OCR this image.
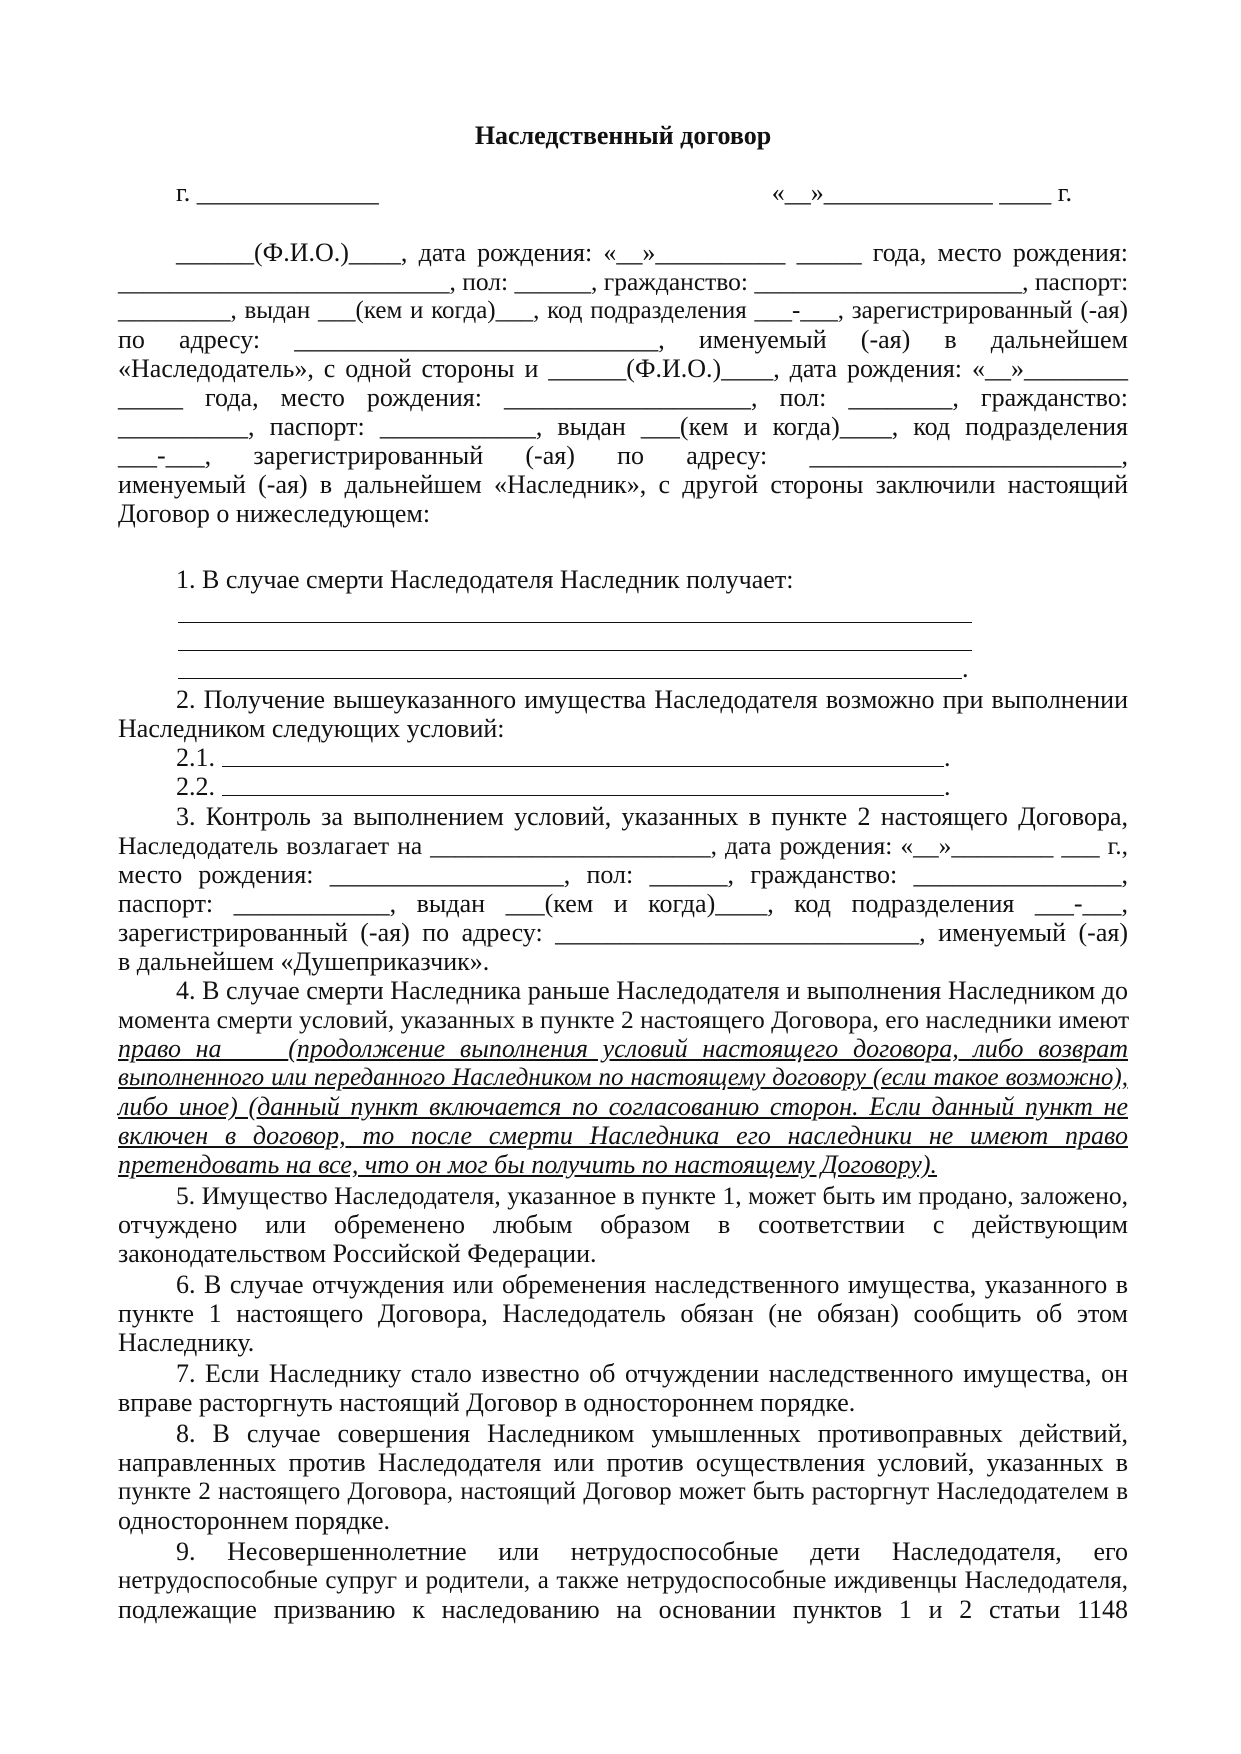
Наследственный договор
г. ______________	«__»_____________ ____ г.
______(Ф.И.О.)____, дата рождения: «__»__________ _____ года, место рождения:
__________________________, пол: ______, гражданство: _____________________, паспорт:
_________, выдан ___(кем и когда)___, код подразделения ___-___, зарегистрированный (-ая)
по адресу: ____________________________, именуемый (-ая) в дальнейшем
«Наследодатель», с одной стороны и ______(Ф.И.О.)____, дата рождения: «__»________
_____ года, место рождения: ___________________, пол: ________, гражданство:
__________, паспорт: ____________, выдан ___(кем и когда)____, код подразделения
___-___, зарегистрированный (-ая) по адресу: ________________________,
именуемый (-ая) в дальнейшем «Наследник», с другой стороны заключили настоящий
Договор о нижеследующем:
1. В случае смерти Наследодателя Наследник получает:
.
2. Получение вышеуказанного имущества Наследодателя возможно при выполнении
Наследником следующих условий:
2.1.	.
2.2.	.
3. Контроль за выполнением условий, указанных в пункте 2 настоящего Договора,
Наследодатель возлагает на ______________________, дата рождения: «__»________ ___ г.,
место рождения: __________________, пол: ______, гражданство: ________________,
паспорт: ____________, выдан ___(кем и когда)____, код подразделения ___-___,
зарегистрированный (-ая) по адресу: ____________________________, именуемый (-ая)
в дальнейшем «Душеприказчик».
4. В случае смерти Наследника раньше Наследодателя и выполнения Наследником до
момента смерти условий, указанных в пункте 2 настоящего Договора, его наследники имеют
право на ____(продолжение выполнения условий настоящего договора, либо возврат
выполненного или переданного Наследником по настоящему договору (если такое возможно),
либо иное) (данный пункт включается по согласованию сторон. Если данный пункт не
включен в договор, то после смерти Наследника его наследники не имеют право
претендовать на все, что он мог бы получить по настоящему Договору).
5. Имущество Наследодателя, указанное в пункте 1, может быть им продано, заложено,
отчуждено или обременено любым образом в соответствии с действующим
законодательством Российской Федерации.
6. В случае отчуждения или обременения наследственного имущества, указанного в
пункте 1 настоящего Договора, Наследодатель обязан (не обязан) сообщить об этом
Наследнику.
7. Если Наследнику стало известно об отчуждении наследственного имущества, он
вправе расторгнуть настоящий Договор в одностороннем порядке.
8. В случае совершения Наследником умышленных противоправных действий,
направленных против Наследодателя или против осуществления условий, указанных в
пункте 2 настоящего Договора, настоящий Договор может быть расторгнут Наследодателем в
одностороннем порядке.
9. Несовершеннолетние или нетрудоспособные дети Наследодателя, его
нетрудоспособные супруг и родители, а также нетрудоспособные иждивенцы Наследодателя,
подлежащие призванию к наследованию на основании пунктов 1 и 2 статьи 1148
